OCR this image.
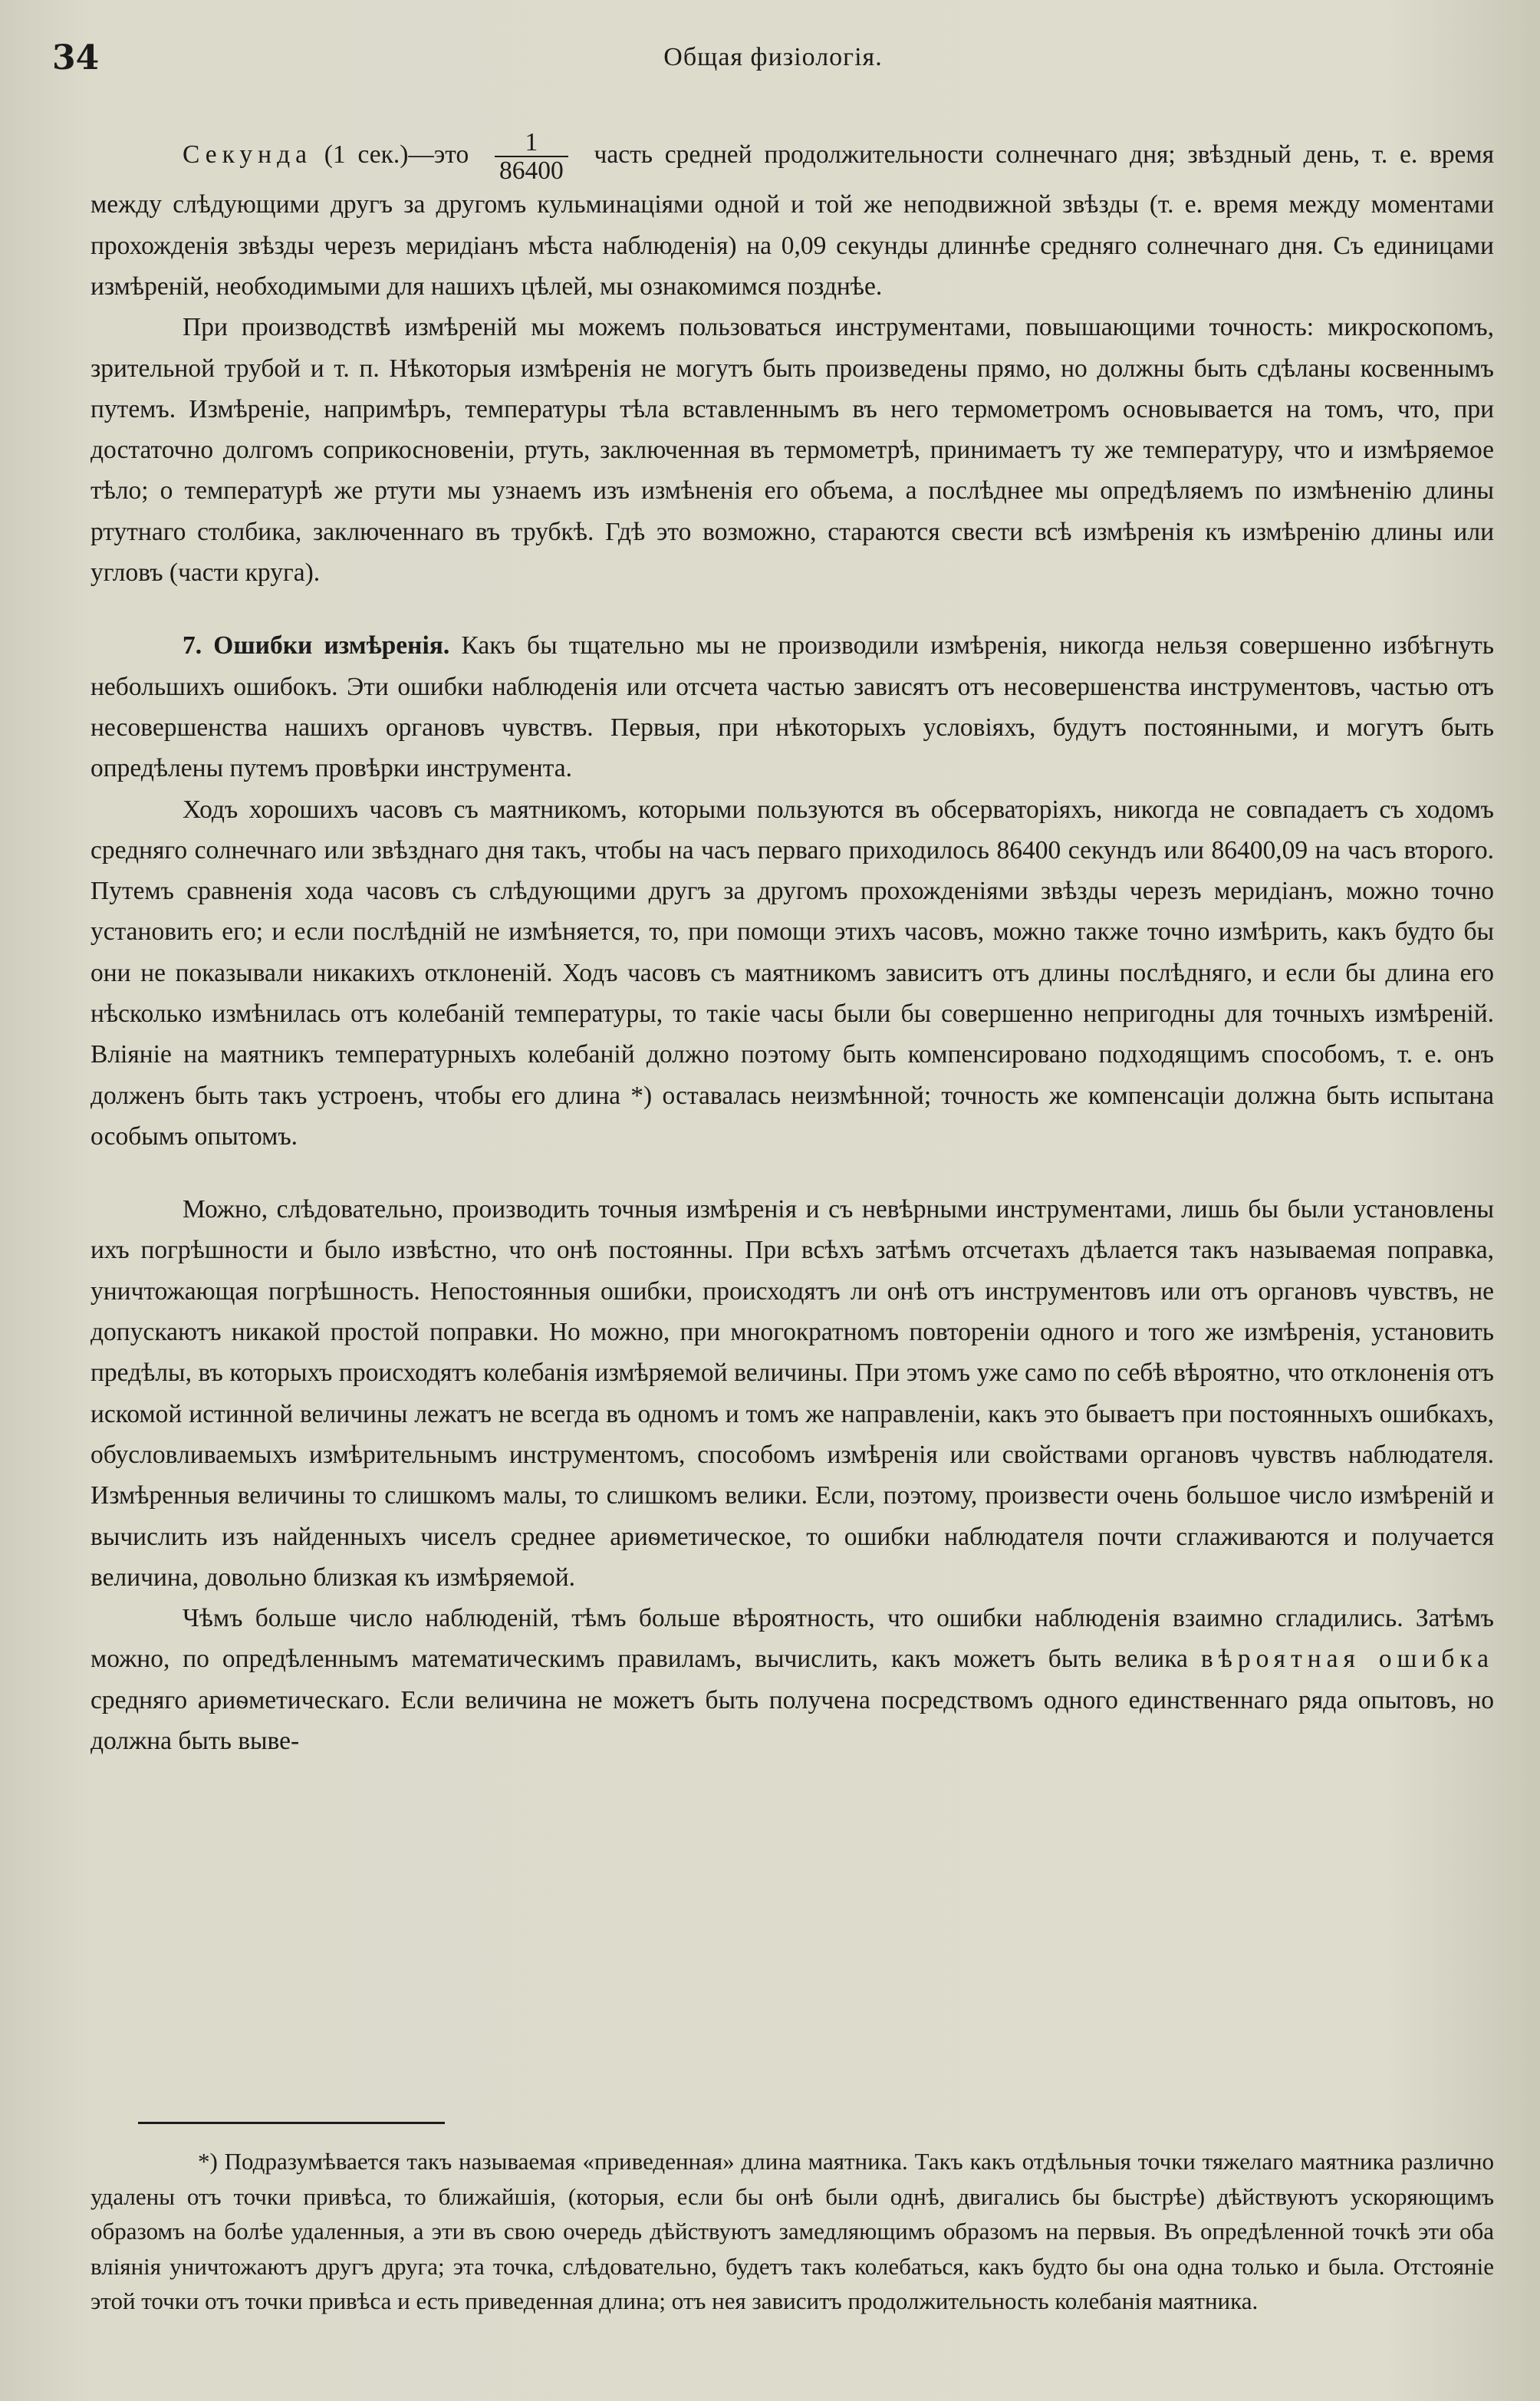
34	Общая физiологiя.

Секунда (1 сек.)—это $\frac{1}{86400}$ часть средней продолжительности солнечнаго дня; звѣздный день, т. е. время между слѣдующими другъ за другомъ кульминацiями одной и той же неподвижной звѣзды (т. е. время между моментами прохожденiя звѣзды черезъ меридiанъ мѣста наблюденiя) на 0,09 секунды длиннѣе средняго солнечнаго дня. Съ единицами измѣренiй, необходимыми для нашихъ цѣлей, мы ознакомимся позднѣе.

При производствѣ измѣренiй мы можемъ пользоваться инструментами, повышающими точность: микроскопомъ, зрительной трубой и т. п. Нѣкоторыя измѣренiя не могутъ быть произведены прямо, но должны быть сдѣланы косвеннымъ путемъ. Измѣренiе, напримѣръ, температуры тѣла вставленнымъ въ него термометромъ основывается на томъ, что, при достаточно долгомъ соприкосновенiи, ртуть, заключенная въ термометрѣ, принимаетъ ту же температуру, что и измѣряемое тѣло; о температурѣ же ртути мы узнаемъ изъ измѣненiя его объема, а послѣднее мы опредѣляемъ по измѣненiю длины ртутнаго столбика, заключеннаго въ трубкѣ. Гдѣ это возможно, стараются свести всѣ измѣренiя къ измѣренiю длины или угловъ (части круга).

7. Ошибки измѣренiя. Какъ бы тщательно мы не производили измѣренiя, никогда нельзя совершенно избѣгнуть небольшихъ ошибокъ. Эти ошибки наблюденiя или отсчета частью зависятъ отъ несовершенства инструментовъ, частью отъ несовершенства нашихъ органовъ чувствъ. Первыя, при нѣкоторыхъ условiяхъ, будутъ постоянными, и могутъ быть опредѣлены путемъ провѣрки инструмента.

Ходъ хорошихъ часовъ съ маятникомъ, которыми пользуются въ обсерваторiяхъ, никогда не совпадаетъ съ ходомъ средняго солнечнаго или звѣзднаго дня такъ, чтобы на часъ перваго приходилось 86400 секундъ или 86400,09 на часъ второго. Путемъ сравненiя хода часовъ съ слѣдующими другъ за другомъ прохожденiями звѣзды черезъ меридiанъ, можно точно установить его; и если послѣднiй не измѣняется, то, при помощи этихъ часовъ, можно также точно измѣрить, какъ будто бы они не показывали никакихъ отклоненiй. Ходъ часовъ съ маятникомъ зависитъ отъ длины послѣдняго, и если бы длина его нѣсколько измѣнилась отъ колебанiй температуры, то такiе часы были бы совершенно непригодны для точныхъ измѣренiй. Влiянiе на маятникъ температурныхъ колебанiй должно поэтому быть компенсировано подходящимъ способомъ, т. е. онъ долженъ быть такъ устроенъ, чтобы его длина *) оставалась неизмѣнной; точность же компенсацiи должна быть испытана особымъ опытомъ.

Можно, слѣдовательно, производить точныя измѣренiя и съ невѣрными инструментами, лишь бы были установлены ихъ погрѣшности и было извѣстно, что онѣ постоянны. При всѣхъ затѣмъ отсчетахъ дѣлается такъ называемая поправка, уничтожающая погрѣшность. Непостоянныя ошибки, происходятъ ли онѣ отъ инструментовъ или отъ органовъ чувствъ, не допускаютъ никакой простой поправки. Но можно, при многократномъ повторенiи одного и того же измѣренiя, установить предѣлы, въ которыхъ происходятъ колебанiя измѣряемой величины. При этомъ уже само по себѣ вѣроятно, что отклоненiя отъ искомой истинной величины лежатъ не всегда въ одномъ и томъ же направленiи, какъ это бываетъ при постоянныхъ ошибкахъ, обусловливаемыхъ измѣрительнымъ инструментомъ, способомъ измѣренiя или свойствами органовъ чувствъ наблюдателя. Измѣренныя величины то слишкомъ малы, то слишкомъ велики. Если, поэтому, произвести очень большое число измѣренiй и вычислить изъ найденныхъ чиселъ среднее ариѳметическое, то ошибки наблюдателя почти сглаживаются и получается величина, довольно близкая къ измѣряемой.

Чѣмъ больше число наблюденiй, тѣмъ больше вѣроятность, что ошибки наблюденiя взаимно сгладились. Затѣмъ можно, по опредѣленнымъ математическимъ правиламъ, вычислить, какъ можетъ быть велика вѣроятная ошибка средняго ариѳметическаго. Если величина не можетъ быть получена посредствомъ одного единственнаго ряда опытовъ, но должна быть выве-

*) Подразумѣвается такъ называемая «приведенная» длина маятника. Такъ какъ отдѣльныя точки тяжелаго маятника различно удалены отъ точки привѣса, то ближайшiя, (которыя, если бы онѣ были однѣ, двигались бы быстрѣе) дѣйствуютъ ускоряющимъ образомъ на болѣе удаленныя, а эти въ свою очередь дѣйствуютъ замедляющимъ образомъ на первыя. Въ опредѣленной точкѣ эти оба влiянiя уничтожаютъ другъ друга; эта точка, слѣдовательно, будетъ такъ колебаться, какъ будто бы она одна только и была. Отстоянiе этой точки отъ точки привѣса и есть приведенная длина; отъ нея зависитъ продолжительность колебанiя маятника.
